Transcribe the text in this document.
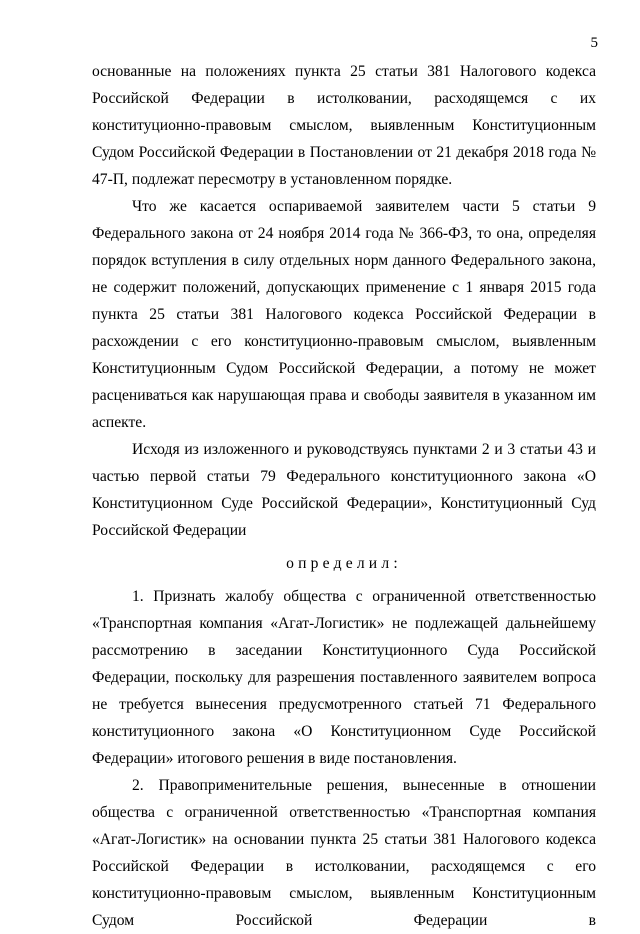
5

основанные на положениях пункта 25 статьи 381 Налогового кодекса Российской Федерации в истолковании, расходящемся с их конституционно-правовым смыслом, выявленным Конституционным Судом Российской Федерации в Постановлении от 21 декабря 2018 года № 47-П, подлежат пересмотру в установленном порядке.

Что же касается оспариваемой заявителем части 5 статьи 9 Федерального закона от 24 ноября 2014 года № 366-ФЗ, то она, определяя порядок вступления в силу отдельных норм данного Федерального закона, не содержит положений, допускающих применение с 1 января 2015 года пункта 25 статьи 381 Налогового кодекса Российской Федерации в расхождении с его конституционно-правовым смыслом, выявленным Конституционным Судом Российской Федерации, а потому не может расцениваться как нарушающая права и свободы заявителя в указанном им аспекте.

Исходя из изложенного и руководствуясь пунктами 2 и 3 статьи 43 и частью первой статьи 79 Федерального конституционного закона «О Конституционном Суде Российской Федерации», Конституционный Суд Российской Федерации

определил:

1. Признать жалобу общества с ограниченной ответственностью «Транспортная компания «Агат-Логистик» не подлежащей дальнейшему рассмотрению в заседании Конституционного Суда Российской Федерации, поскольку для разрешения поставленного заявителем вопроса не требуется вынесения предусмотренного статьей 71 Федерального конституционного закона «О Конституционном Суде Российской Федерации» итогового решения в виде постановления.

2. Правоприменительные решения, вынесенные в отношении общества с ограниченной ответственностью «Транспортная компания «Агат-Логистик» на основании пункта 25 статьи 381 Налогового кодекса Российской Федерации в истолковании, расходящемся с его конституционно-правовым смыслом, выявленным Конституционным Судом Российской Федерации в
